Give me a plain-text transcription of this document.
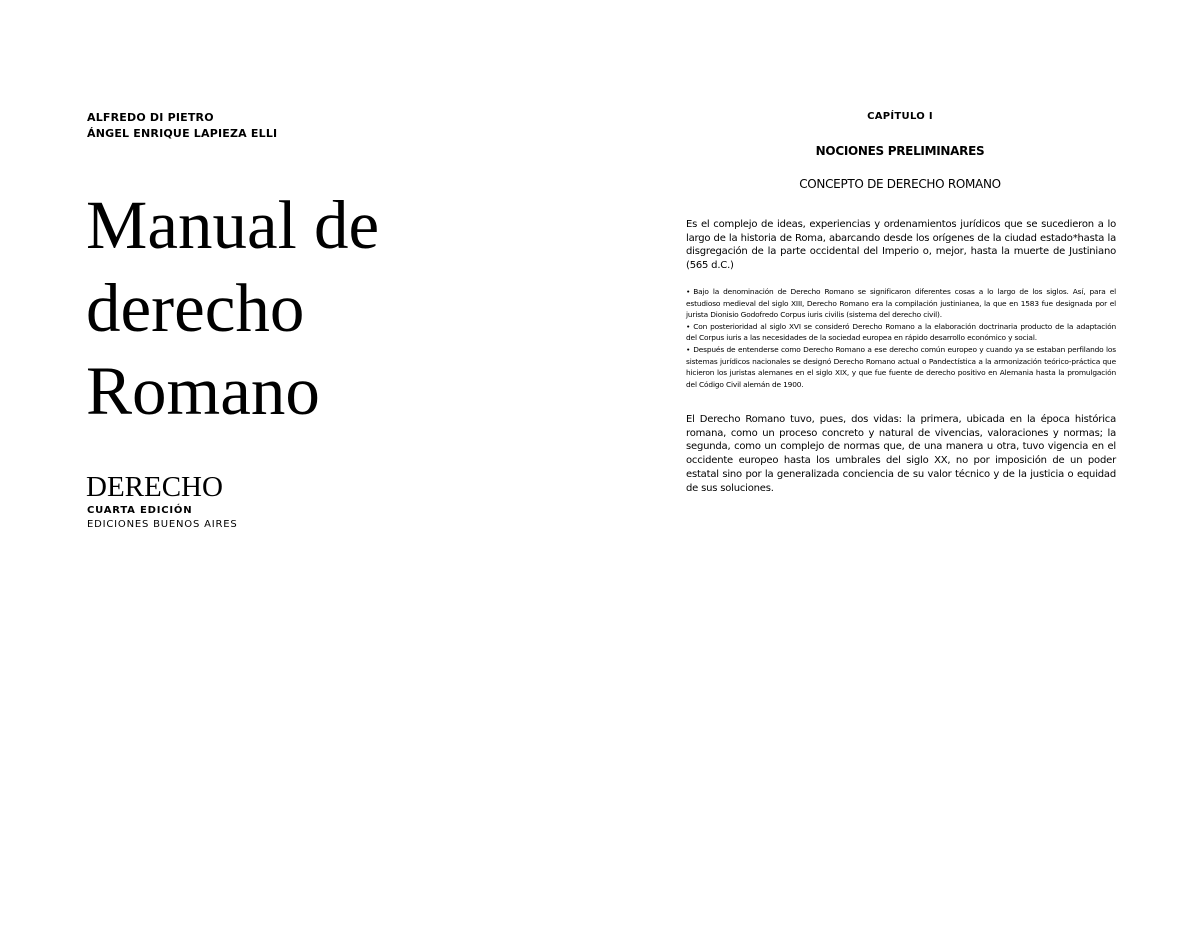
ALFREDO DI PIETRO
ÁNGEL ENRIQUE LAPIEZA ELLI
Manual de
derecho
Romano
DERECHO
CUARTA EDICIÓN
EDICIONES BUENOS AIRES
CAPÍTULO I
NOCIONES PRELIMINARES
CONCEPTO DE DERECHO ROMANO

Es el complejo de ideas, experiencias y ordenamientos jurídicos que se sucedieron a lo largo de la historia de Roma, abarcando desde los orígenes de la ciudad estado*hasta la disgregación de la parte occidental del Imperio o, mejor, hasta la muerte de Justiniano (565 d.C.)

• Bajo la denominación de Derecho Romano se significaron diferentes cosas a lo largo de los siglos. Así, para el estudioso medieval del siglo XIII, Derecho Romano era la compilación justinianea, la que en 1583 fue designada por el jurista Dionisio Godofredo Corpus iuris civilis (sistema del derecho civil).

• Con posterioridad al siglo XVI se consideró Derecho Romano a la elaboración doctrinaria producto de la adaptación del Corpus iuris a las necesidades de la sociedad europea en rápido desarrollo económico y social.

• Después de entenderse como Derecho Romano a ese derecho común europeo y cuando ya se estaban perfilando los sistemas jurídicos nacionales se designó Derecho Romano actual o Pandectística a la armonización teórico-práctica que hicieron los juristas alemanes en el siglo XIX, y que fue fuente de derecho positivo en Alemania hasta la promulgación del Código Civil alemán de 1900.

El Derecho Romano tuvo, pues, dos vidas: la primera, ubicada en la época histórica romana, como un proceso concreto y natural de vivencias, valoraciones y normas; la segunda, como un complejo de normas que, de una manera u otra, tuvo vigencia en el occidente europeo hasta los umbrales del siglo XX, no por imposición de un poder estatal sino por la generalizada conciencia de su valor técnico y de la justicia o equidad de sus soluciones.
